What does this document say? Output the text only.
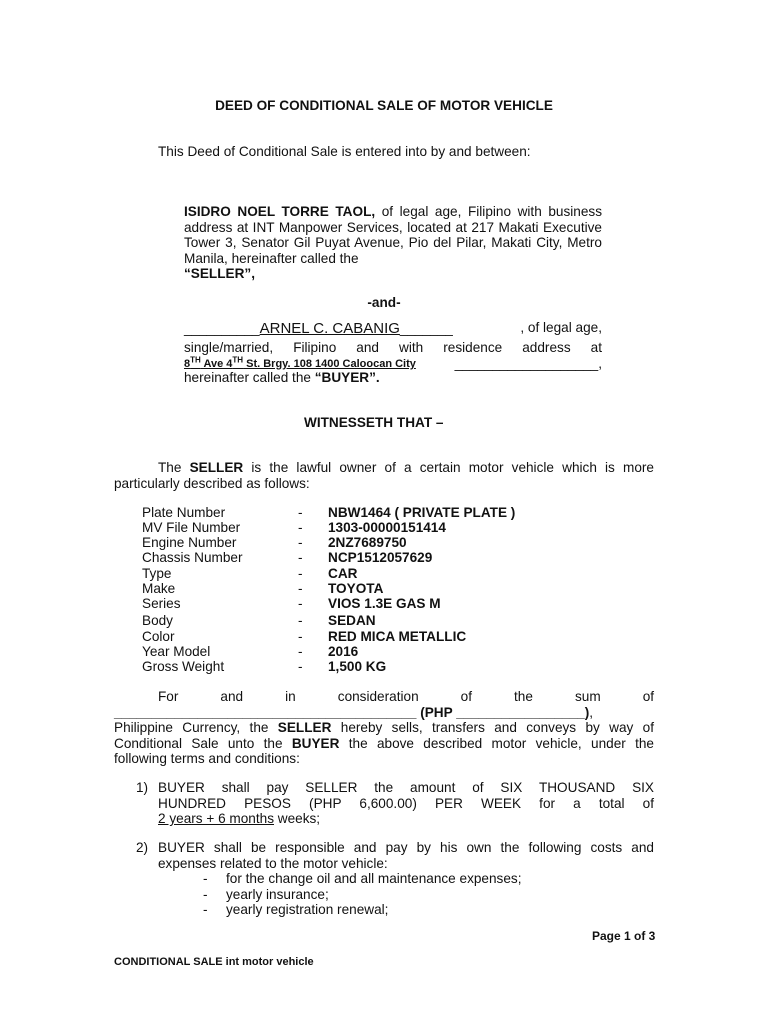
DEED OF CONDITIONAL SALE OF MOTOR VEHICLE
This Deed of Conditional Sale is entered into by and between:
ISIDRO NOEL TORRE TAOL, of legal age, Filipino with business address at INT Manpower Services, located at 217 Makati Executive Tower 3, Senator Gil Puyat Avenue, Pio del Pilar, Makati City, Metro Manila, hereinafter called the
“SELLER”,
-and-
__________ARNEL C. CABANIG_______	, of legal age,
single/married, Filipino and with residence address at
8TH Ave 4TH St. Brgy. 108 1400 Caloocan City	___________________,
hereinafter called the “BUYER”.
WITNESSETH THAT –
The SELLER is the lawful owner of a certain motor vehicle which is more particularly described as follows:
Plate Number	- NBW1464 ( PRIVATE PLATE )
MV File Number	- 1303-00000151414
Engine Number	- 2NZ7689750
Chassis Number	- NCP1512057629
Type	- CAR
Make	- TOYOTA
Series	- VIOS 1.3E GAS M
Body	- SEDAN
Color	- RED MICA METALLIC
Year Model	- 2016
Gross Weight	- 1,500 KG
For	and	in	consideration	of	the	sum	of
________________________________________ (PHP _________________),
Philippine Currency, the SELLER hereby sells, transfers and conveys by way of
Conditional Sale unto the BUYER the above described motor vehicle, under the
following terms and conditions:
1) BUYER shall pay SELLER the amount of SIX THOUSAND SIX
HUNDRED PESOS (PHP 6,600.00) PER WEEK for a total of
2 years + 6 months weeks;
2) BUYER shall be responsible and pay by his own the following costs and
expenses related to the motor vehicle:
- for the change oil and all maintenance expenses;
- yearly insurance;
- yearly registration renewal;
Page 1 of 3
CONDITIONAL SALE int motor vehicle
